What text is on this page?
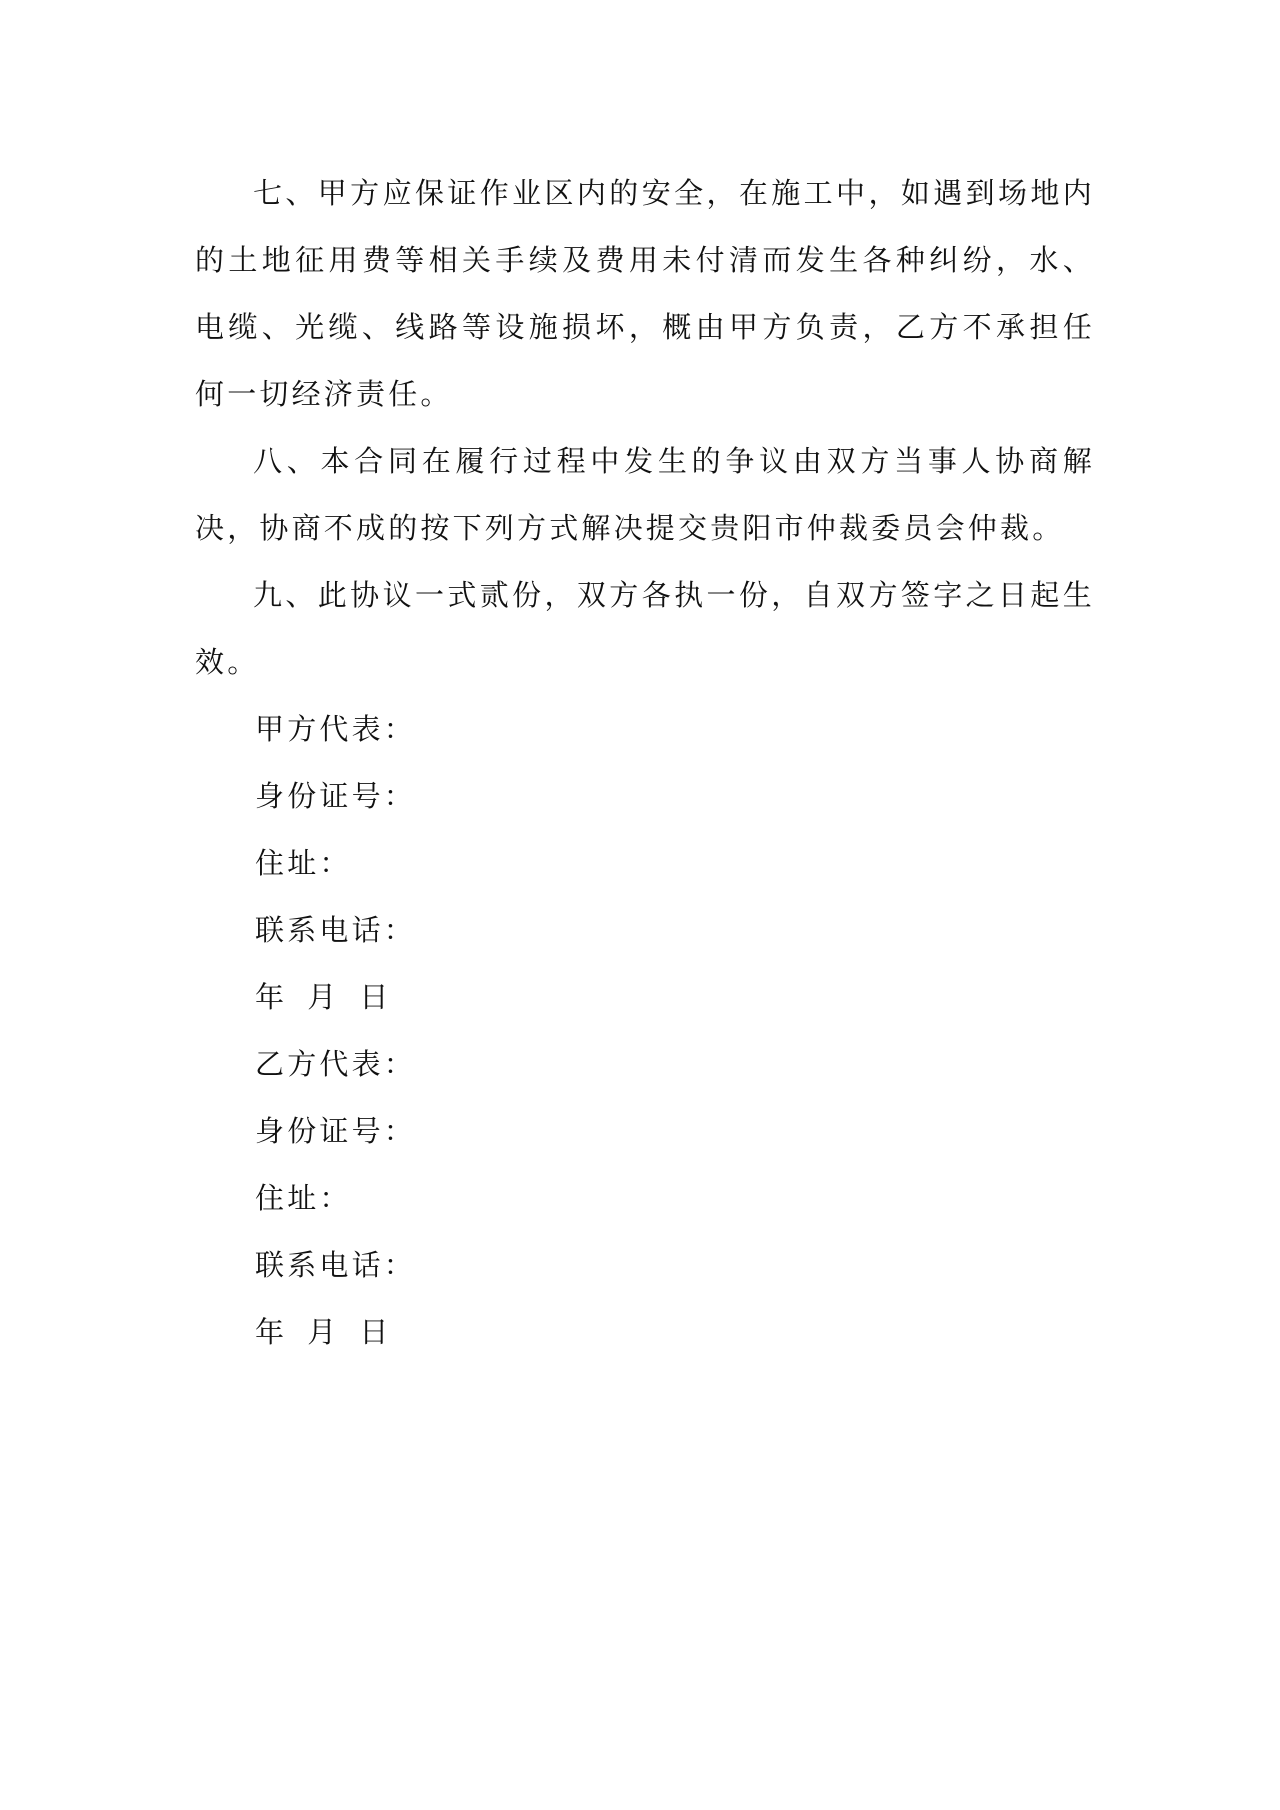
七、甲方应保证作业区内的安全，在施工中，如遇到场地内的土地征用费等相关手续及费用未付清而发生各种纠纷，水、电缆、光缆、线路等设施损坏，概由甲方负责，乙方不承担任何一切经济责任。

八、本合同在履行过程中发生的争议由双方当事人协商解决，协商不成的按下列方式解决提交贵阳市仲裁委员会仲裁。

九、此协议一式贰份，双方各执一份，自双方签字之日起生效。

甲方代表：

身份证号：

住址：

联系电话：

年 月 日

乙方代表：

身份证号：

住址：

联系电话：

年 月 日
